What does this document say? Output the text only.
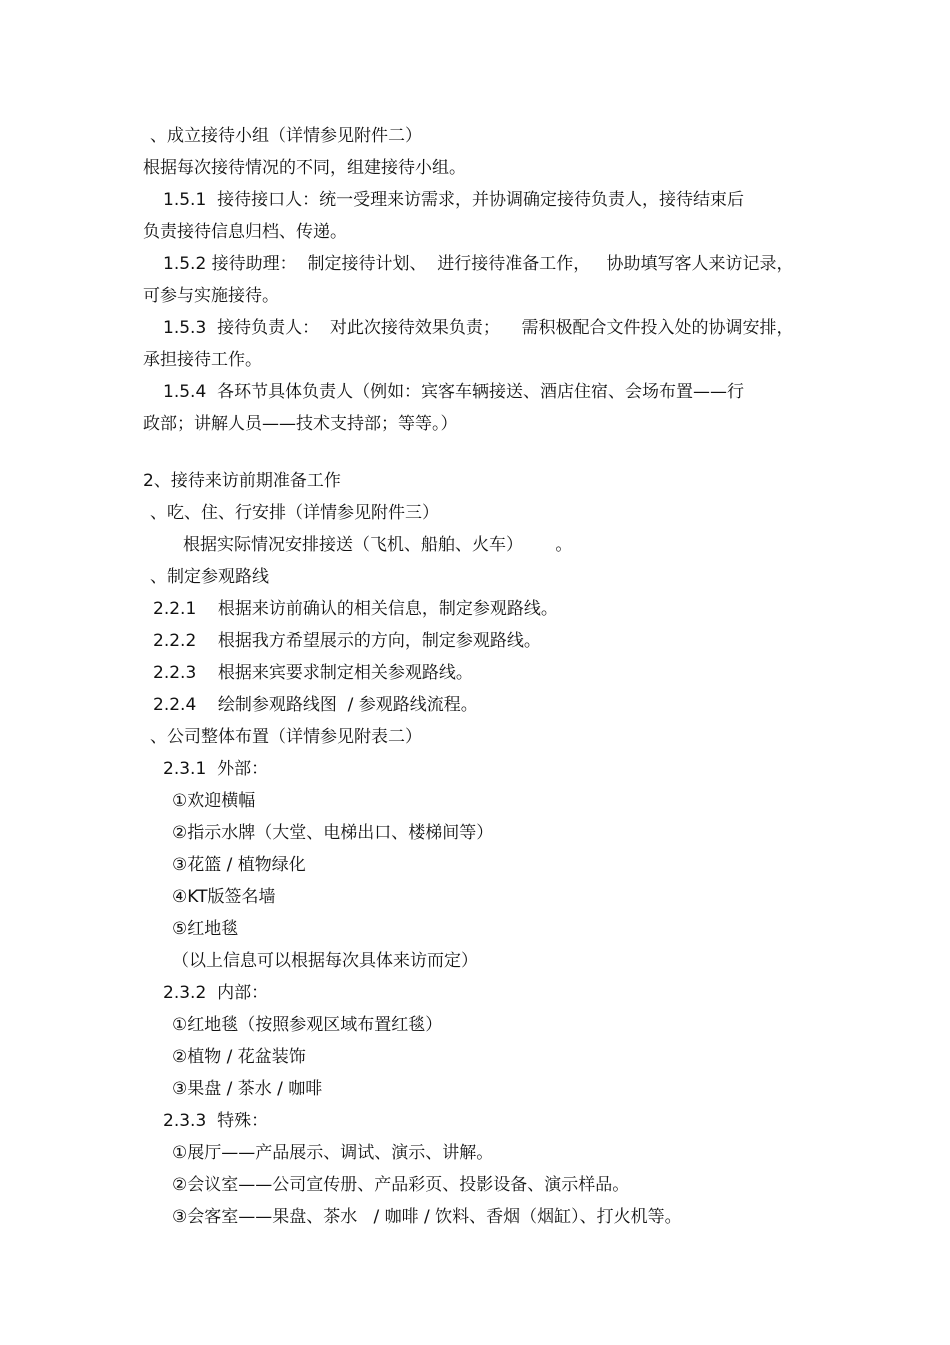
、成立接待小组（详情参见附件二）
根据每次接待情况的不同，组建接待小组。
1.5.1  接待接口人：统一受理来访需求，并协调确定接待负责人，接待结束后
负责接待信息归档、传递。
1.5.2 接待助理：  制定接待计划、  进行接待准备工作，   协助填写客人来访记录，
可参与实施接待。
1.5.3  接待负责人：  对此次接待效果负责；    需积极配合文件投入处的协调安排，
承担接待工作。
1.5.4  各环节具体负责人（例如：宾客车辆接送、酒店住宿、会场布置——行
政部；讲解人员——技术支持部；等等。）
2、接待来访前期准备工作
、吃、住、行安排（详情参见附件三）
根据实际情况安排接送（飞机、船舶、火车）      。
、制定参观路线
2.2.1    根据来访前确认的相关信息，制定参观路线。
2.2.2    根据我方希望展示的方向，制定参观路线。
2.2.3    根据来宾要求制定相关参观路线。
2.2.4    绘制参观路线图  / 参观路线流程。
、公司整体布置（详情参见附表二）
2.3.1  外部：
①欢迎横幅
②指示水牌（大堂、电梯出口、楼梯间等）
③花篮 / 植物绿化
④KT版签名墙
⑤红地毯
（以上信息可以根据每次具体来访而定）
2.3.2  内部：
①红地毯（按照参观区域布置红毯）
②植物 / 花盆装饰
③果盘 / 茶水 / 咖啡
2.3.3  特殊：
①展厅——产品展示、调试、演示、讲解。
②会议室——公司宣传册、产品彩页、投影设备、演示样品。
③会客室——果盘、茶水   / 咖啡 / 饮料、香烟（烟缸）、打火机等。
